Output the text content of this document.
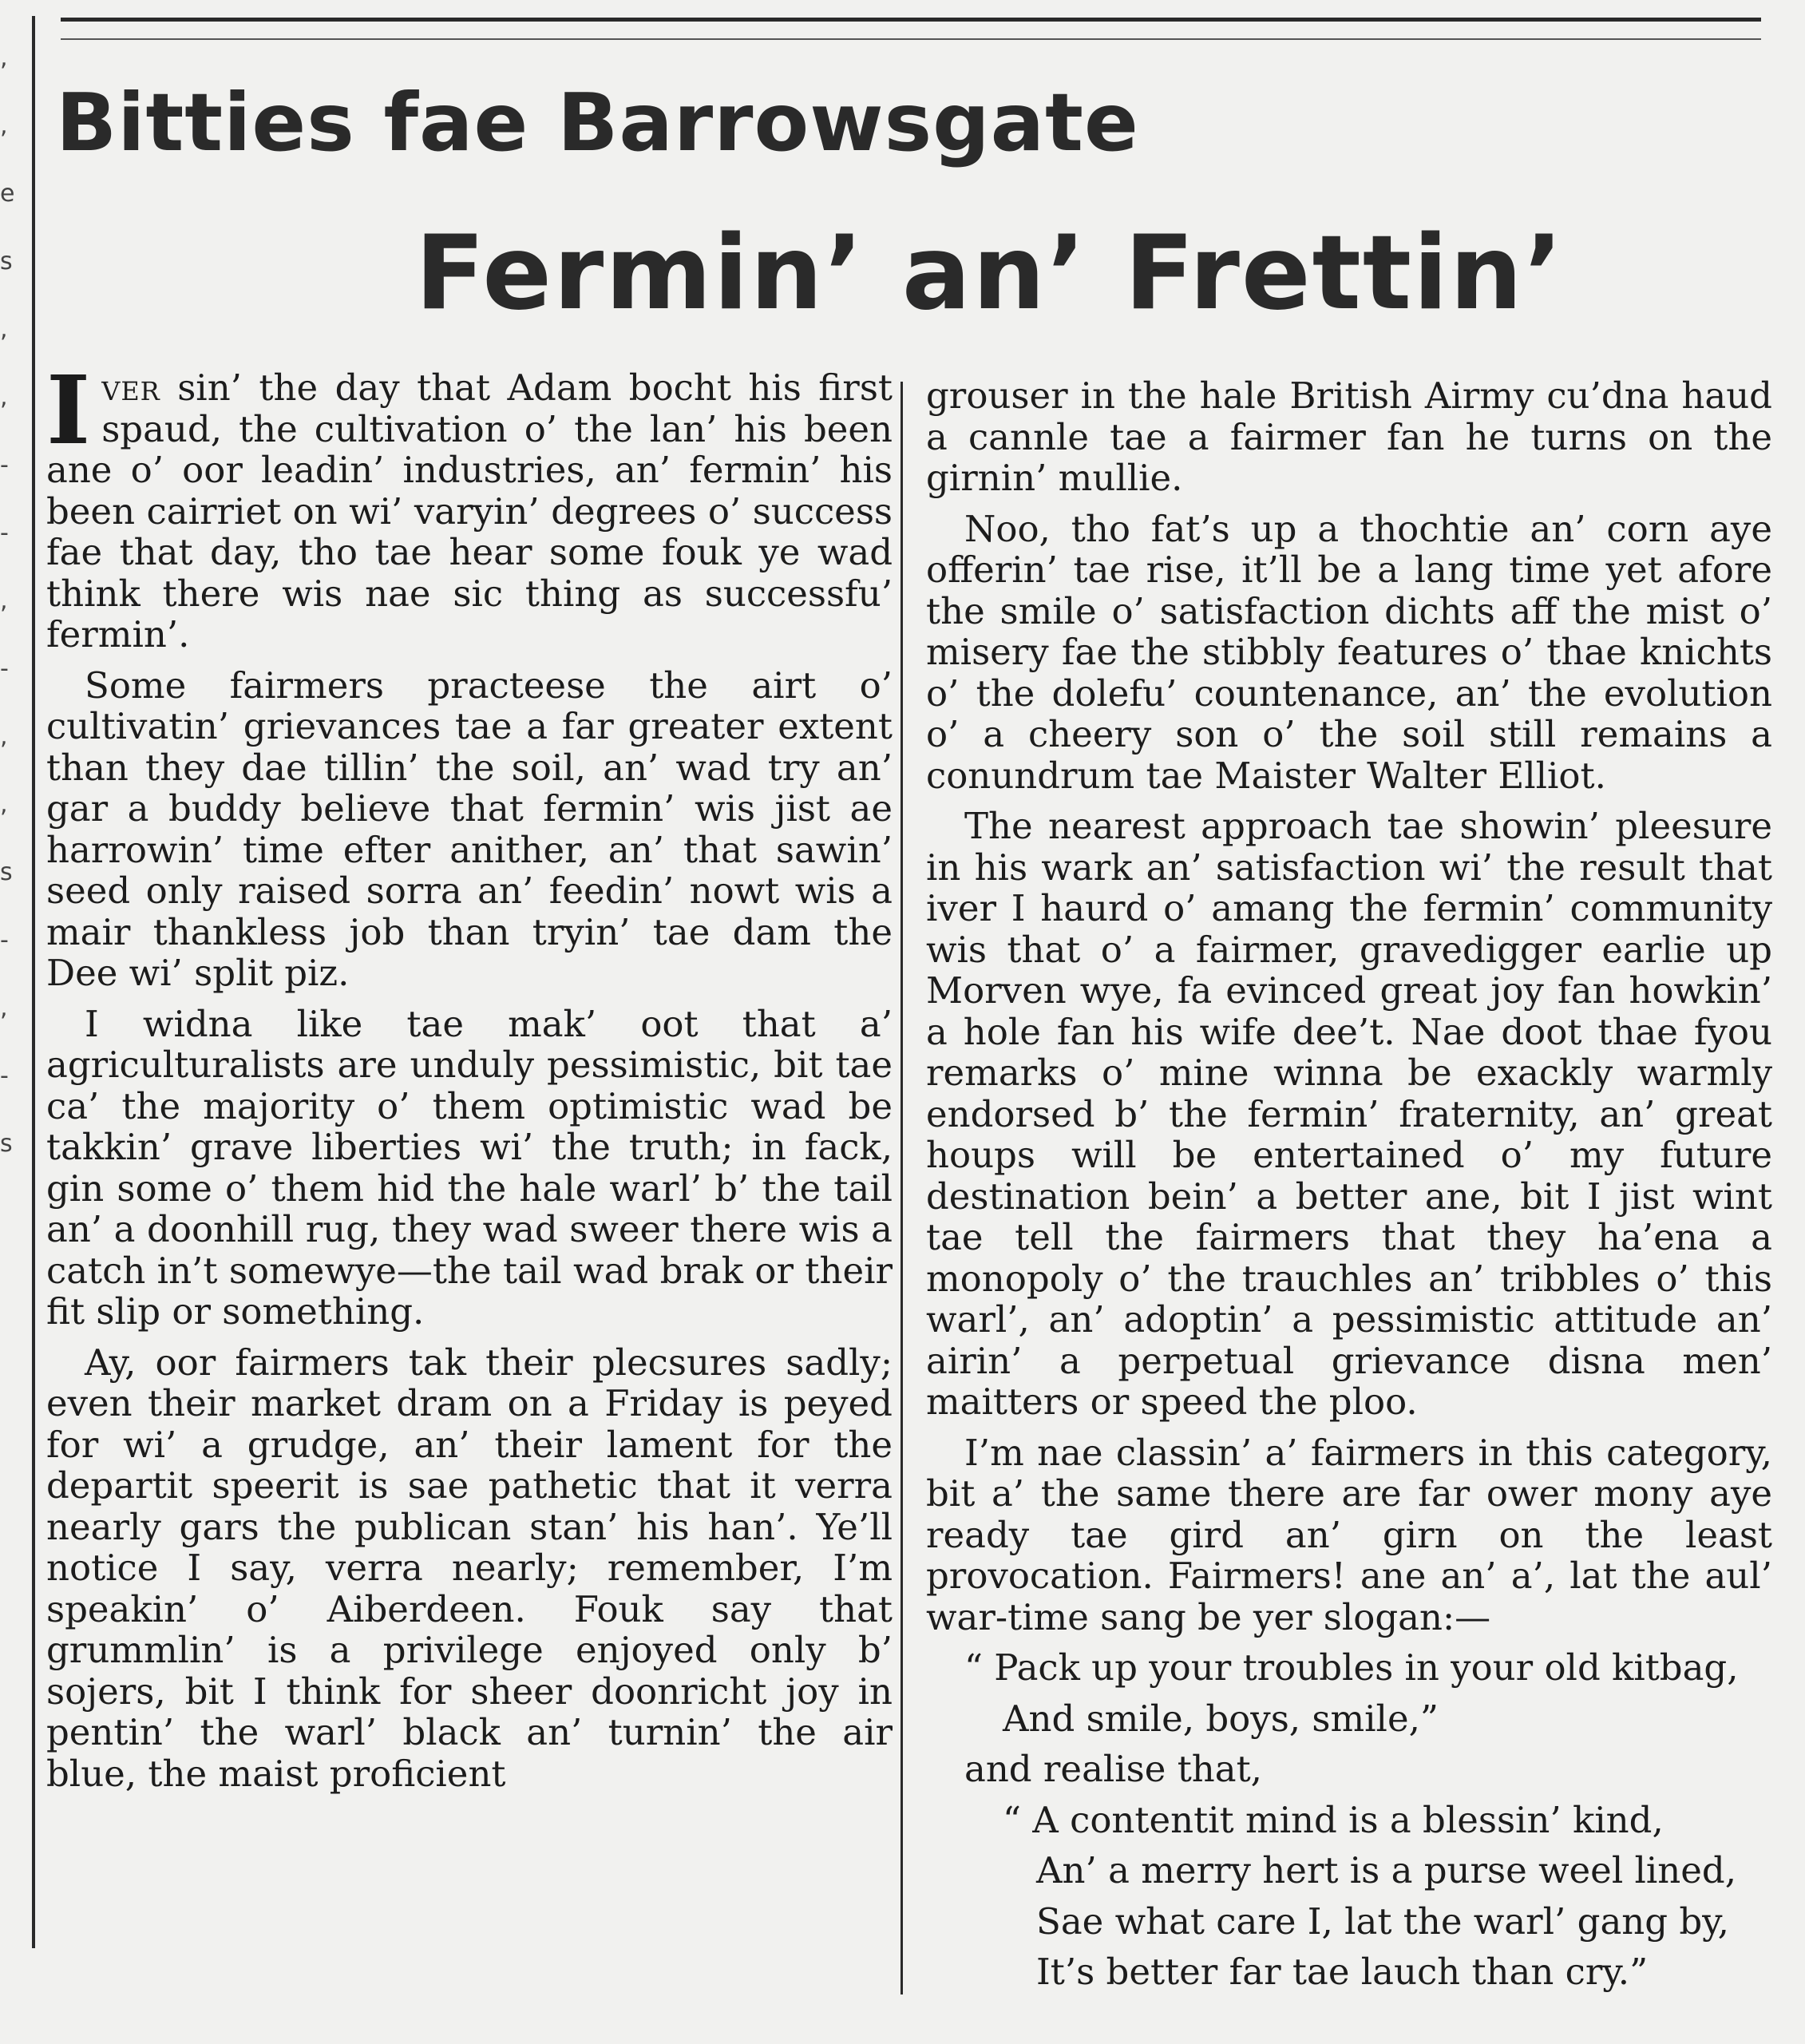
,
,
e
s
,
,
-
-
,
-
,
,
s
-
,
-
s
Bitties fae Barrowsgate
Fermin’ an’ Frettin’

Iver sin’ the day that Adam bocht his first spaud, the cultivation o’ the lan’ his been ane o’ oor leadin’ industries, an’ fermin’ his been cairriet on wi’ varyin’ degrees o’ success fae that day, tho tae hear some fouk ye wad think there wis nae sic thing as successfu’ fermin’.

Some fairmers practeese the airt o’ cultivatin’ grievances tae a far greater extent than they dae tillin’ the soil, an’ wad try an’ gar a buddy believe that fermin’ wis jist ae harrowin’ time efter anither, an’ that sawin’ seed only raised sorra an’ feedin’ nowt wis a mair thankless job than tryin’ tae dam the Dee wi’ split piz.

I widna like tae mak’ oot that a’ agriculturalists are unduly pessimistic, bit tae ca’ the majority o’ them optimistic wad be takkin’ grave liberties wi’ the truth; in fack, gin some o’ them hid the hale warl’ b’ the tail an’ a doonhill rug, they wad sweer there wis a catch in’t somewye—the tail wad brak or their fit slip or something.

Ay, oor fairmers tak their plecsures sadly; even their market dram on a Friday is peyed for wi’ a grudge, an’ their lament for the departit speerit is sae pathetic that it verra nearly gars the publican stan’ his han’. Ye’ll notice I say, verra nearly; remember, I’m speakin’ o’ Aiberdeen. Fouk say that grummlin’ is a privilege enjoyed only b’ sojers, bit I think for sheer doonricht joy in pentin’ the warl’ black an’ turnin’ the air blue, the maist proficient

grouser in the hale British Airmy cu’dna haud a cannle tae a fairmer fan he turns on the girnin’ mullie.

Noo, tho fat’s up a thochtie an’ corn aye offerin’ tae rise, it’ll be a lang time yet afore the smile o’ satisfaction dichts aff the mist o’ misery fae the stibbly features o’ thae knichts o’ the dolefu’ countenance, an’ the evolution o’ a cheery son o’ the soil still remains a conundrum tae Maister Walter Elliot.

The nearest approach tae showin’ pleesure in his wark an’ satisfaction wi’ the result that iver I haurd o’ amang the fermin’ community wis that o’ a fairmer, gravedigger earlie up Morven wye, fa evinced great joy fan howkin’ a hole fan his wife dee’t. Nae doot thae fyou remarks o’ mine winna be exackly warmly endorsed b’ the fermin’ fraternity, an’ great houps will be entertained o’ my future destination bein’ a better ane, bit I jist wint tae tell the fairmers that they ha’ena a monopoly o’ the trauchles an’ tribbles o’ this warl’, an’ adoptin’ a pessimistic attitude an’ airin’ a perpetual grievance disna men’ maitters or speed the ploo.

I’m nae classin’ a’ fairmers in this category, bit a’ the same there are far ower mony aye ready tae gird an’ girn on the least provocation. Fairmers! ane an’ a’, lat the aul’ war-time sang be yer slogan:—

“ Pack up your troubles in your old kitbag,

And smile, boys, smile,”

and realise that,

“ A contentit mind is a blessin’ kind,

An’ a merry hert is a purse weel lined,

Sae what care I, lat the warl’ gang by,

It’s better far tae lauch than cry.”
